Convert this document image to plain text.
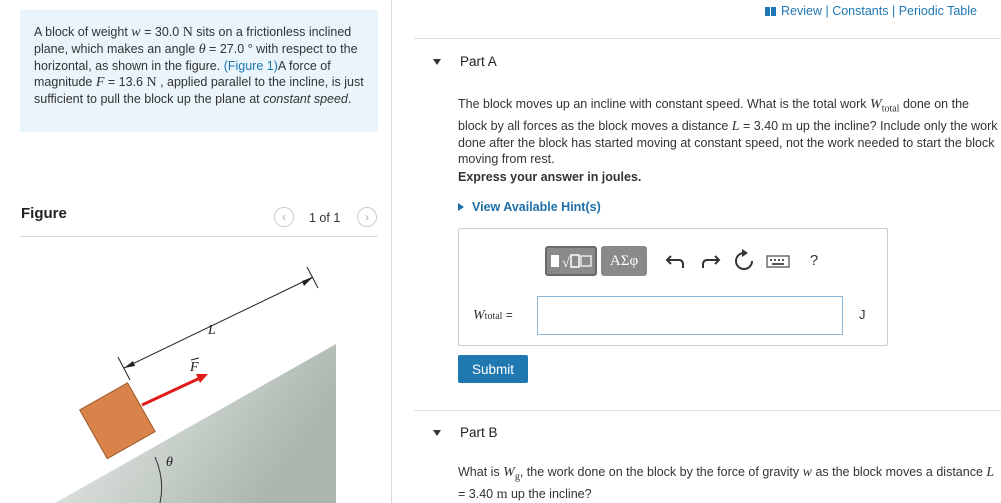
A block of weight w = 30.0 N sits on a frictionless inclined plane, which makes an angle θ = 27.0 ° with respect to the horizontal, as shown in the figure. (Figure 1)A force of magnitude F = 13.6 N , applied parallel to the incline, is just sufficient to pull the block up the plane at constant speed.
Figure	‹	1 of 1	›
L
F
θ
Review | Constants | Periodic Table
Part A
The block moves up an incline with constant speed. What is the total work $W_{total}$ done on the block by all forces as the block moves a distance L = 3.40 m up the incline? Include only the work done after the block has started moving at constant speed, not the work needed to start the block moving from rest.
Express your answer in joules.
View Available Hint(s)
√	ΑΣφ	?
Wtotal =	J
Submit
Part B
What is $W_g$, the work done on the block by the force of gravity w as the block moves a distance L = 3.40 m up the incline?
